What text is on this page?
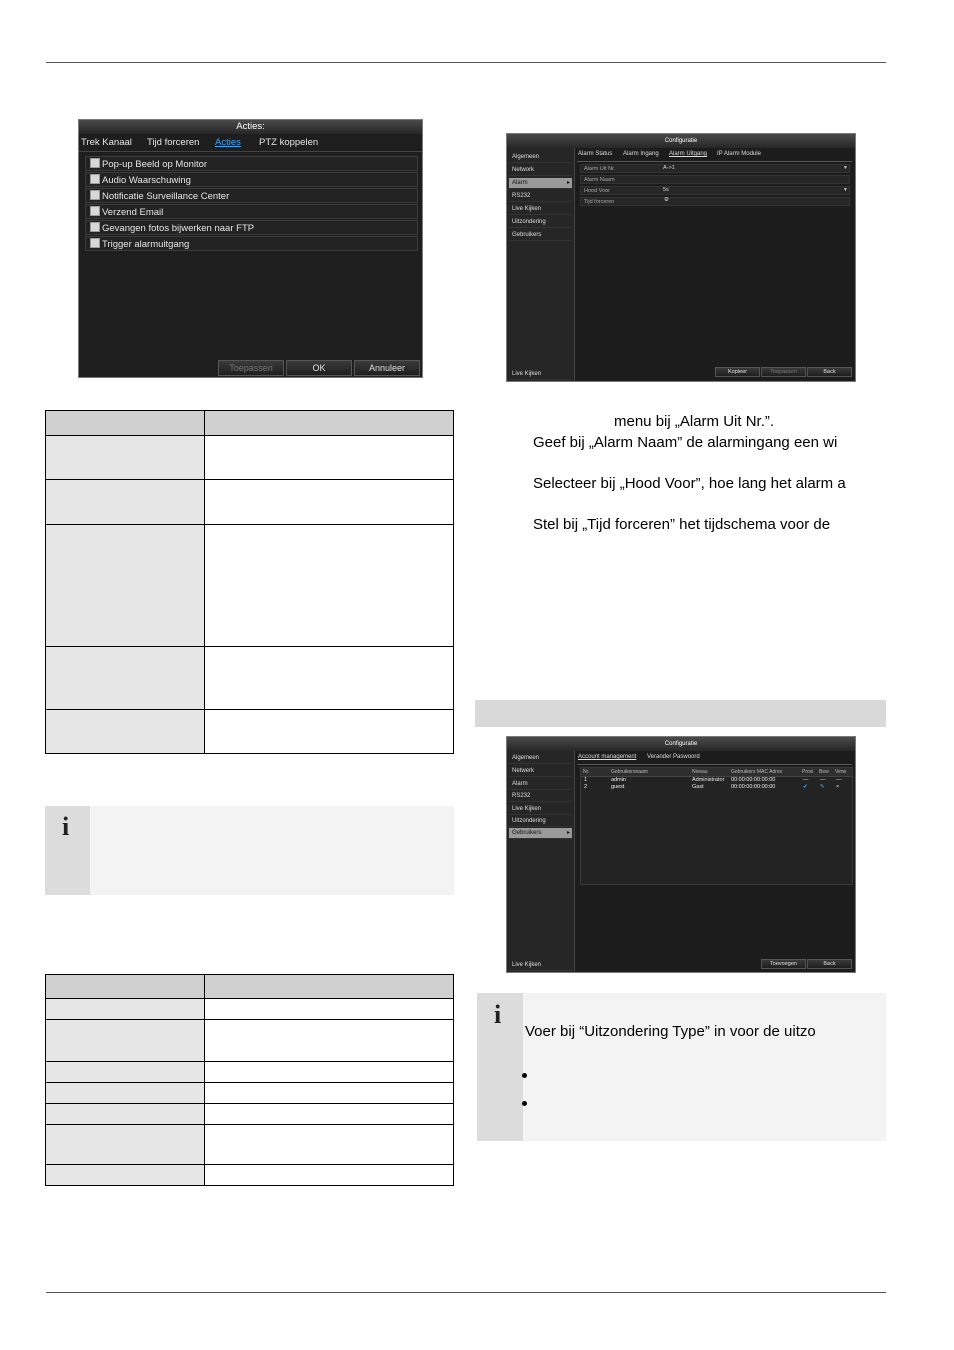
Acties:
Trek Kanaal Tijd forceren Acties PTZ koppelen
Pop-up Beeld op Monitor
Audio Waarschuwing
Notificatie Surveillance Center
Verzend Email
Gevangen fotos bijwerken naar FTP
Trigger alarmuitgang
Toepassen	OK	Annuleer

i

Configuratie
Algemeen
Network
Alarm ▸
RS232
Live Kijken
Uitzondering
Gebruikers
Live Kijken
Alarm Status Alarm Ingang Alarm Uitgang IP Alarm Module
Alarm Uit Nr.	A->1	▾
Alarm Naam
Hood Voor	5s	▾
Tijd forceren	⚙
Kopieer	Toepassen	Back
menu bij „Alarm Uit Nr.”.
Geef bij „Alarm Naam” de alarmingang een wi
Selecteer bij „Hood Voor”, hoe lang het alarm a
Stel bij „Tijd forceren” het tijdschema voor de
Configuratie
Algemeen
Netwerk
Alarm
RS232
Live Kijken
Uitzondering
Gebruikers ▸
Live Kijken
Account management Verander Paswoord
Nr.	Gebruikersnaam	Niveau	Gebruikers MAC Adres	Provi Bew Verw
1	admin	Administrator 00:00:00:00:00:00	— — —
2	guest	Gast	00:00:00:00:00:00	✔ ✎ ×
Toevoegen	Back
i
Voer bij “Uitzondering Type” in voor de uitzo
